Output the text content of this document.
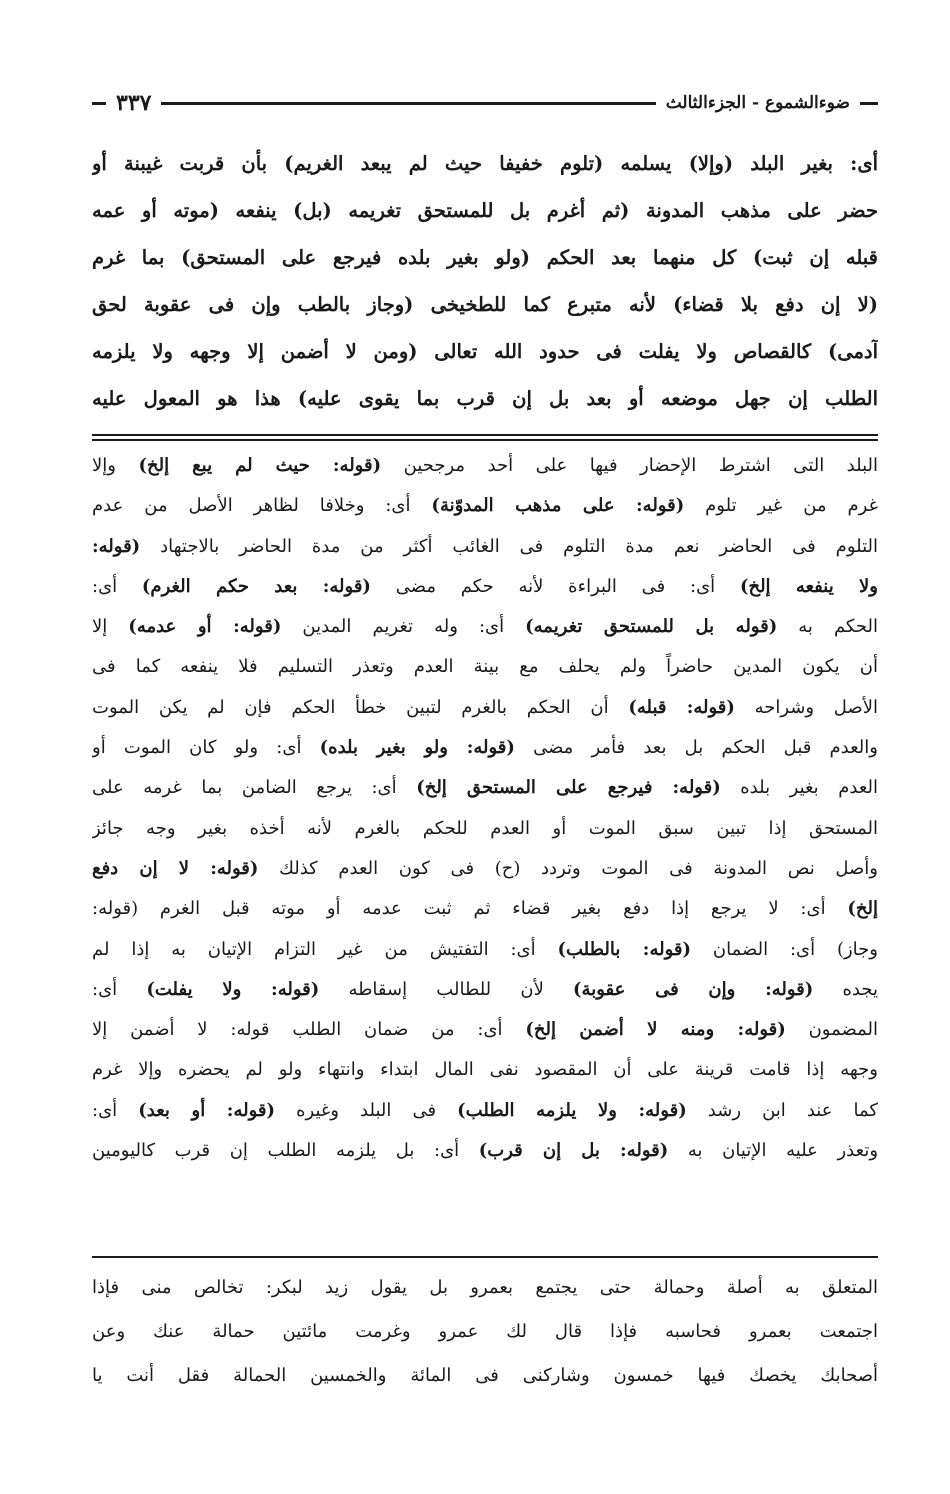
٣٣٧	ضوءالشموع - الجزءالثالث
أى: بغير البلد (وإلا) يسلمه (تلوم خفيفا حيث لم يبعد الغريم) بأن قربت غيبنة أو
حضر على مذهب المدونة (ثم أغرم بل للمستحق تغريمه (بل) ينفعه (موته أو عمه
قبله إن ثبت) كل منهما بعد الحكم (ولو بغير بلده فيرجع على المستحق) بما غرم
(لا إن دفع بلا قضاء) لأنه متبرع كما للطخيخى (وجاز بالطب وإن فى عقوبة لحق
آدمى) كالقصاص ولا يفلت فى حدود الله تعالى (ومن لا أضمن إلا وجهه ولا يلزمه
الطلب إن جهل موضعه أو بعد بل إن قرب بما يقوى عليه) هذا هو المعول عليه
البلد التى اشترط الإحضار فيها على أحد مرجحين (قوله: حيث لم يبع إلخ) وإلا
غرم من غير تلوم (قوله: على مذهب المدوّنة) أى: وخلافا لظاهر الأصل من عدم
التلوم فى الحاضر نعم مدة التلوم فى الغائب أكثر من مدة الحاضر بالاجتهاد (قوله:
ولا ينفعه إلخ) أى: فى البراءة لأنه حكم مضى (قوله: بعد حكم الغرم) أى:
الحكم به (قوله بل للمستحق تغريمه) أى: وله تغريم المدين (قوله: أو عدمه) إلا
أن يكون المدين حاضراً ولم يحلف مع بينة العدم وتعذر التسليم فلا ينفعه كما فى
الأصل وشراحه (قوله: قبله) أن الحكم بالغرم لتبين خطأ الحكم فإن لم يكن الموت
والعدم قبل الحكم بل بعد فأمر مضى (قوله: ولو بغير بلده) أى: ولو كان الموت أو
العدم بغير بلده (قوله: فيرجع على المستحق إلخ) أى: يرجع الضامن بما غرمه على
المستحق إذا تبين سبق الموت أو العدم للحكم بالغرم لأنه أخذه بغير وجه جائز
وأصل نص المدونة فى الموت وتردد (ح) فى كون العدم كذلك (قوله: لا إن دفع
إلخ) أى: لا يرجع إذا دفع بغير قضاء ثم ثبت عدمه أو موته قبل الغرم (قوله:
وجاز) أى: الضمان (قوله: بالطلب) أى: التفتيش من غير التزام الإتيان به إذا لم
يجده (قوله: وإن فى عقوبة) لأن للطالب إسقاطه (قوله: ولا يفلت) أى:
المضمون (قوله: ومنه لا أضمن إلخ) أى: من ضمان الطلب قوله: لا أضمن إلا
وجهه إذا قامت قرينة على أن المقصود نفى المال ابتداء وانتهاء ولو لم يحضره وإلا غرم
كما عند ابن رشد (قوله: ولا يلزمه الطلب) فى البلد وغيره (قوله: أو بعد) أى:
وتعذر عليه الإتيان به (قوله: بل إن قرب) أى: بل يلزمه الطلب إن قرب كاليومين
المتعلق به أصلة وحمالة حتى يجتمع بعمرو بل يقول زيد لبكر: تخالص منى فإذا
اجتمعت بعمرو فحاسبه فإذا قال لك عمرو وغرمت مائتين حمالة عنك وعن
أصحابك يخصك فيها خمسون وشاركنى فى المائة والخمسين الحمالة فقل أنت يا
